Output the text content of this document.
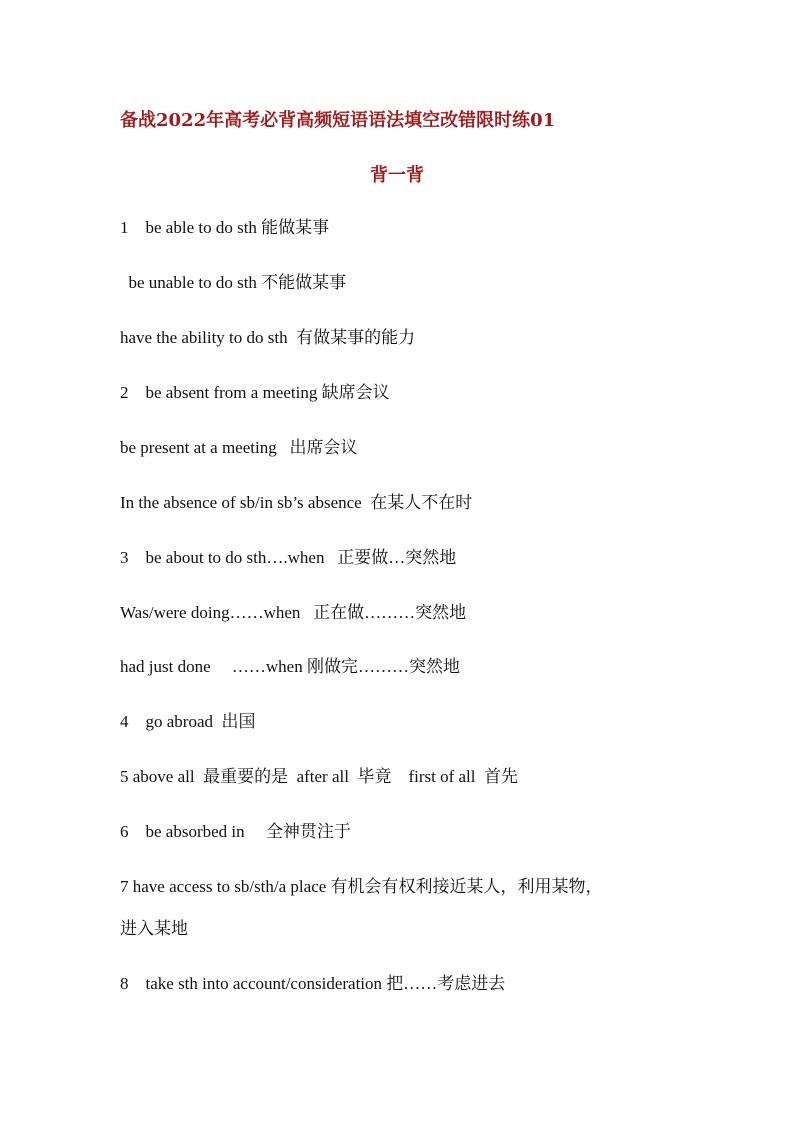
备战2022年高考必背高频短语语法填空改错限时练01
背一背
1    be able to do sth 能做某事
be unable to do sth 不能做某事
have the ability to do sth  有做某事的能力
2    be absent from a meeting 缺席会议
be present at a meeting   出席会议
In the absence of sb/in sb’s absence  在某人不在时
3    be about to do sth….when   正要做…突然地
Was/were doing……when   正在做………突然地
had just done     ……when 刚做完………突然地
4    go abroad  出国
5 above all  最重要的是  after all  毕竟    first of all  首先
6    be absorbed in     全神贯注于
7 have access to sb/sth/a place 有机会有权利接近某人，利用某物，
进入某地
8    take sth into account/consideration 把……考虑进去
